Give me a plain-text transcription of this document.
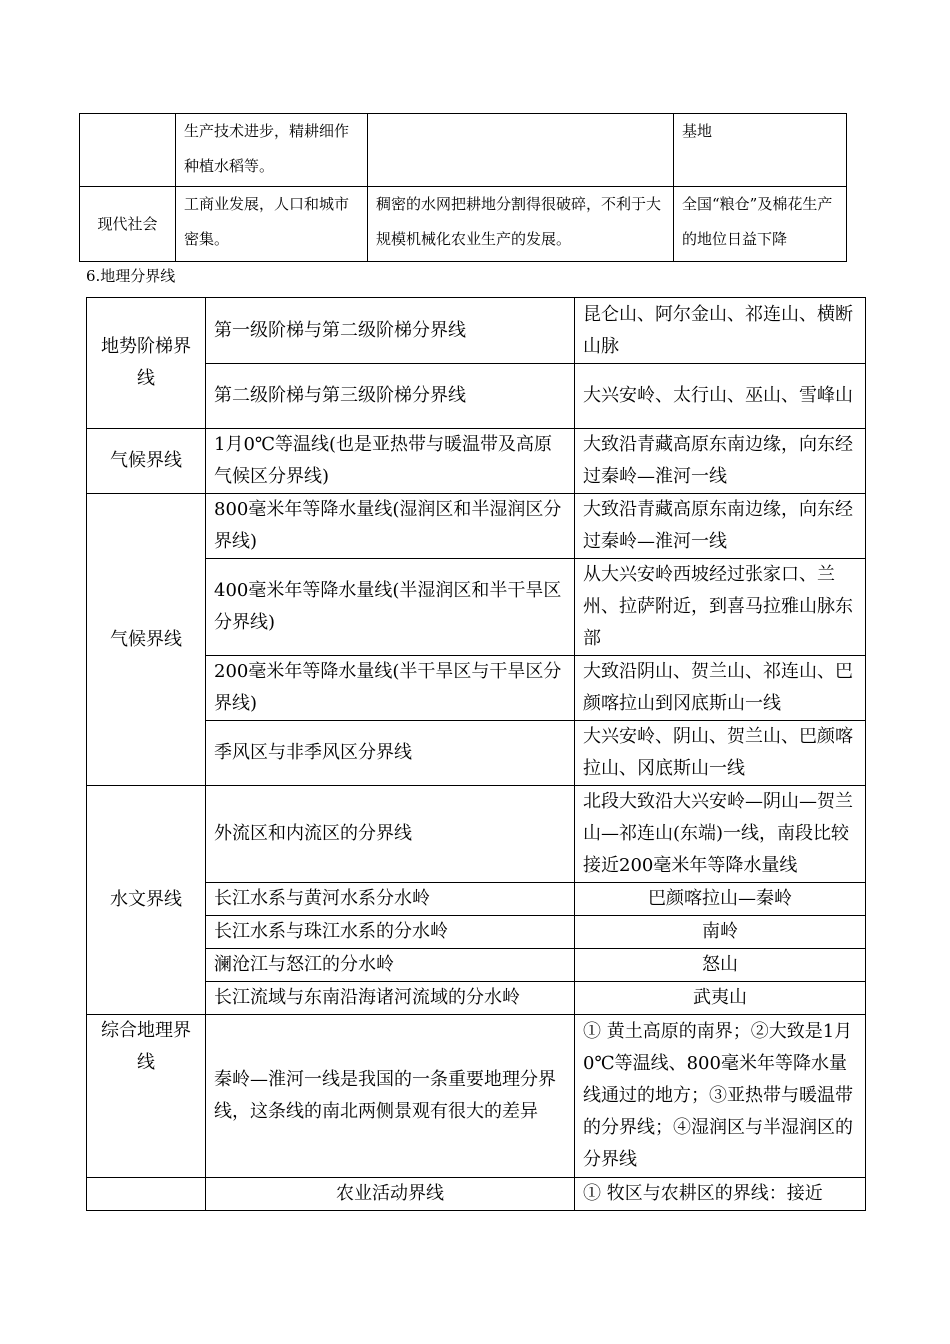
	生产技术进步，精耕细作种植水稻等。		基地
现代社会	工商业发展，人口和城市密集。	稠密的水网把耕地分割得很破碎，不利于大规模机械化农业生产的发展。	全国“粮仓”及棉花生产的地位日益下降
6.地理分界线
地势阶梯界线	第一级阶梯与第二级阶梯分界线	昆仑山、阿尔金山、祁连山、横断山脉
	第二级阶梯与第三级阶梯分界线	大兴安岭、太行山、巫山、雪峰山
气候界线	1月0℃等温线(也是亚热带与暖温带及高原气候区分界线)	大致沿青藏高原东南边缘，向东经过秦岭—淮河一线
气候界线	800毫米年等降水量线(湿润区和半湿润区分界线)	大致沿青藏高原东南边缘，向东经过秦岭—淮河一线
	400毫米年等降水量线(半湿润区和半干旱区分界线)	从大兴安岭西坡经过张家口、兰州、拉萨附近，到喜马拉雅山脉东部
	200毫米年等降水量线(半干旱区与干旱区分界线)	大致沿阴山、贺兰山、祁连山、巴颜喀拉山到冈底斯山一线
	季风区与非季风区分界线	大兴安岭、阴山、贺兰山、巴颜喀拉山、冈底斯山一线
水文界线	外流区和内流区的分界线	北段大致沿大兴安岭—阴山—贺兰山—祁连山(东端)一线，南段比较接近200毫米年等降水量线
	长江水系与黄河水系分水岭	巴颜喀拉山—秦岭
	长江水系与珠江水系的分水岭	南岭
	澜沧江与怒江的分水岭	怒山
	长江流域与东南沿海诸河流域的分水岭	武夷山
综合地理界线	秦岭—淮河一线是我国的一条重要地理分界线，这条线的南北两侧景观有很大的差异	① 黄土高原的南界；②大致是1月0℃等温线、800毫米年等降水量线通过的地方；③亚热带与暖温带的分界线；④湿润区与半湿润区的分界线
	农业活动界线	① 牧区与农耕区的界线：接近
